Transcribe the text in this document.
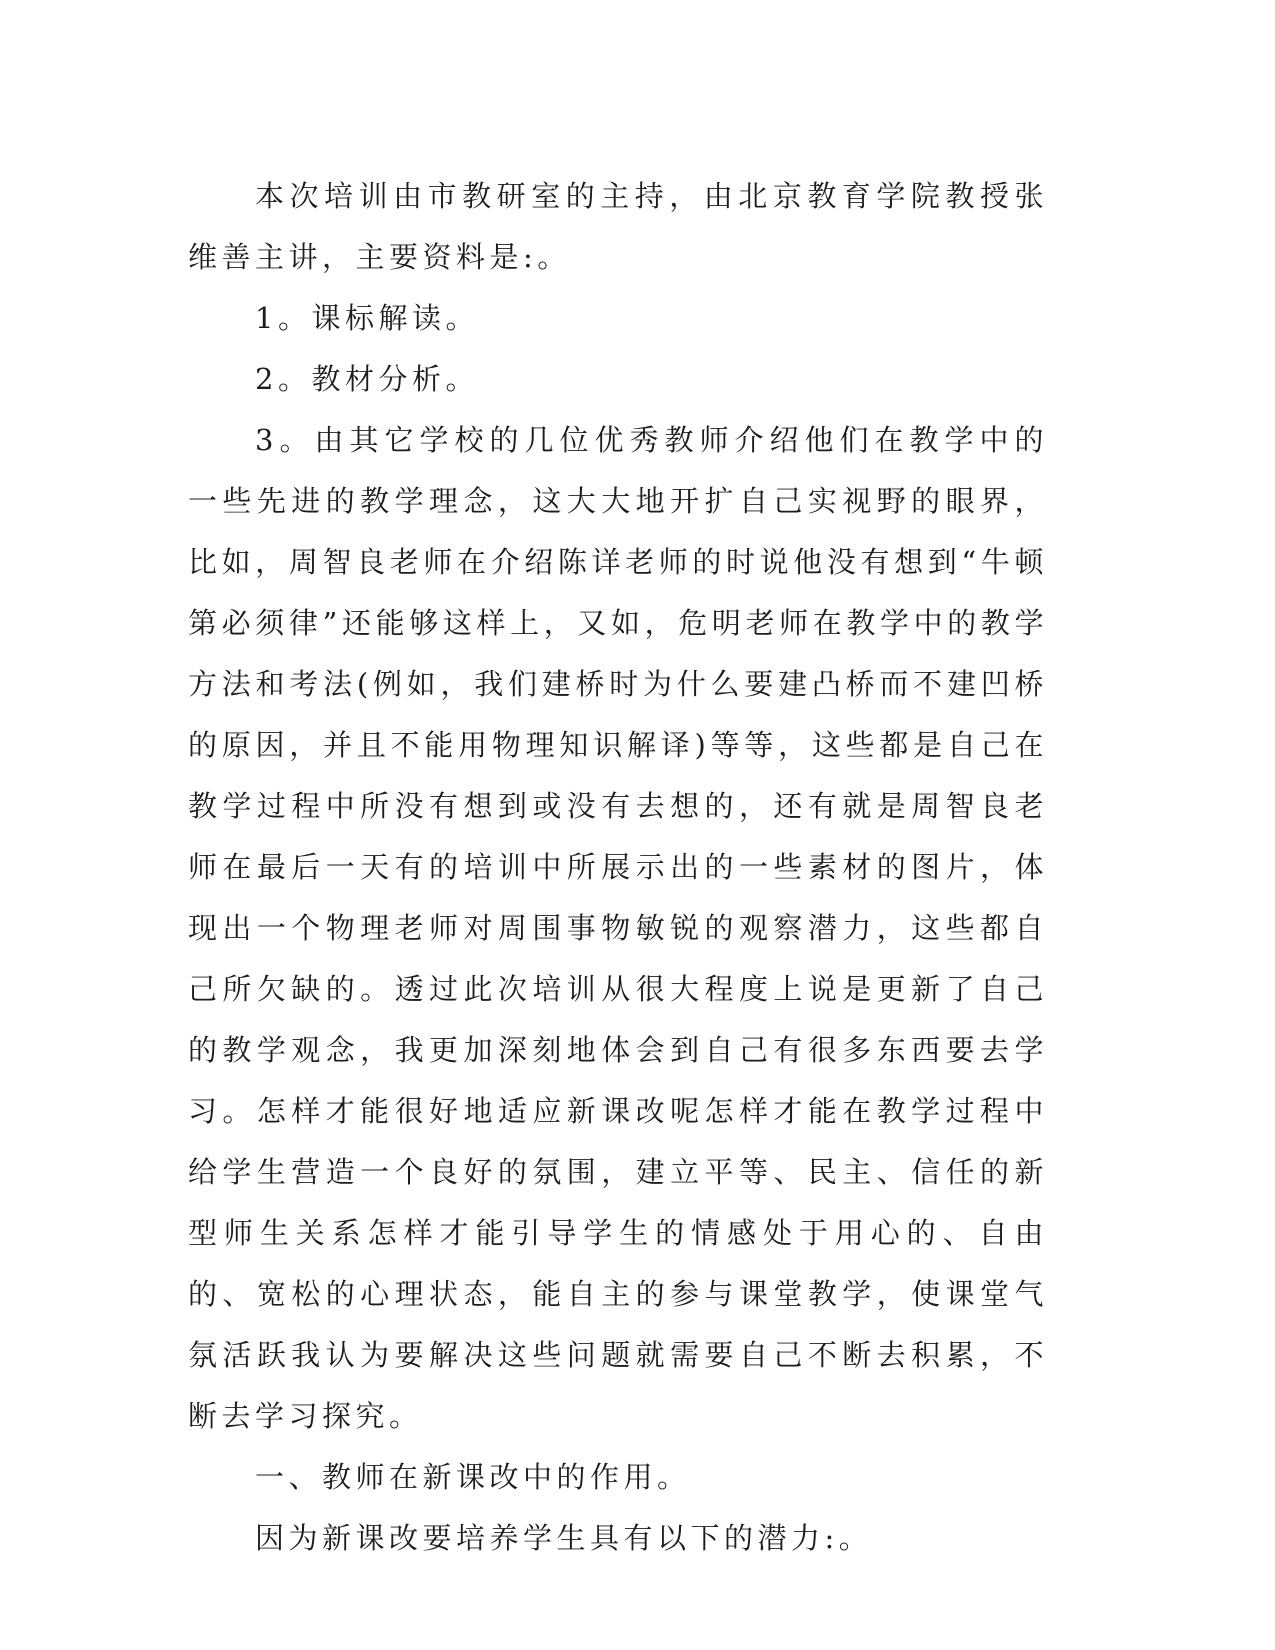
本次培训由市教研室的主持，由北京教育学院教授张维善主讲，主要资料是:。

1。课标解读。

2。教材分析。

3。由其它学校的几位优秀教师介绍他们在教学中的一些先进的教学理念，这大大地开扩自己实视野的眼界，比如，周智良老师在介绍陈详老师的时说他没有想到“牛顿第必须律”还能够这样上，又如，危明老师在教学中的教学方法和考法(例如，我们建桥时为什么要建凸桥而不建凹桥的原因，并且不能用物理知识解译)等等，这些都是自己在教学过程中所没有想到或没有去想的，还有就是周智良老师在最后一天有的培训中所展示出的一些素材的图片，体现出一个物理老师对周围事物敏锐的观察潜力，这些都自己所欠缺的。透过此次培训从很大程度上说是更新了自己的教学观念，我更加深刻地体会到自己有很多东西要去学习。怎样才能很好地适应新课改呢怎样才能在教学过程中给学生营造一个良好的氛围，建立平等、民主、信任的新型师生关系怎样才能引导学生的情感处于用心的、自由的、宽松的心理状态，能自主的参与课堂教学，使课堂气氛活跃我认为要解决这些问题就需要自己不断去积累，不断去学习探究。

一、教师在新课改中的作用。

因为新课改要培养学生具有以下的潜力:。
